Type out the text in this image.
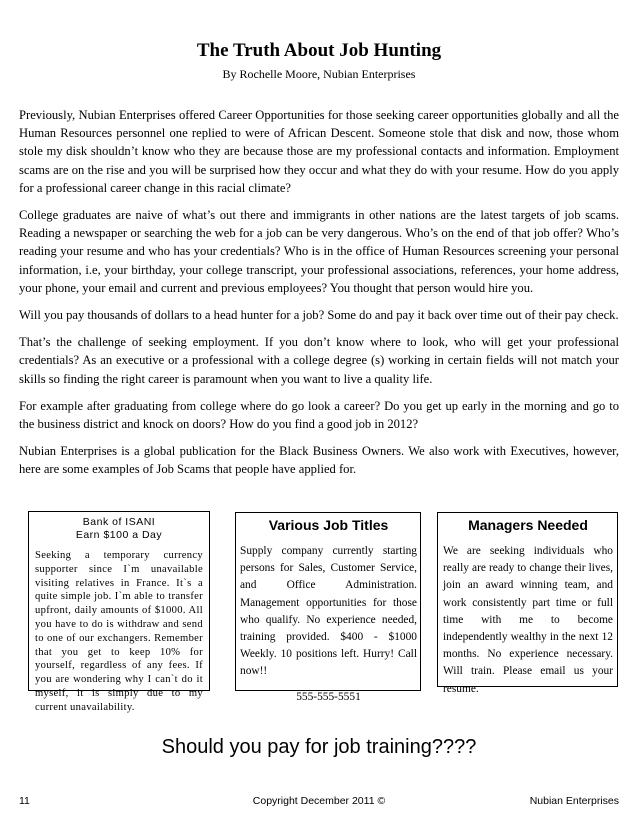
The Truth About Job Hunting
By Rochelle Moore, Nubian Enterprises

Previously, Nubian Enterprises offered Career Opportunities for those seeking career opportunities globally and all the Human Resources personnel one replied to were of African Descent. Someone stole that disk and now, those whom stole my disk shouldn’t know who they are because those are my professional contacts and information. Employment scams are on the rise and you will be surprised how they occur and what they do with your resume. How do you apply for a professional career change in this racial climate?

College graduates are naive of what’s out there and immigrants in other nations are the latest targets of job scams. Reading a newspaper or searching the web for a job can be very dangerous. Who’s on the end of that job offer? Who’s reading your resume and who has your credentials? Who is in the office of Human Resources screening your personal information, i.e, your birthday, your college transcript, your professional associations, references, your home address, your phone, your email and current and previous employees? You thought that person would hire you.

Will you pay thousands of dollars to a head hunter for a job? Some do and pay it back over time out of their pay check.

That’s the challenge of seeking employment. If you don’t know where to look, who will get your professional credentials? As an executive or a professional with a college degree (s) working in certain fields will not match your skills so finding the right career is paramount when you want to live a quality life.

For example after graduating from college where do go look a career? Do you get up early in the morning and go to the business district and knock on doors? How do you find a good job in 2012?

Nubian Enterprises is a global publication for the Black Business Owners. We also work with Executives, however, here are some examples of Job Scams that people have applied for.

Bank of ISANI
Earn $100 a Day
Seeking a temporary currency supporter since I`m unavailable visiting relatives in France. It`s a quite simple job. I`m able to transfer upfront, daily amounts of $1000. All you have to do is withdraw and send to one of our exchangers. Remember that you get to keep 10% for yourself, regardless of any fees. If you are wondering why I can`t do it myself, it is simply due to my current unavailability.
Various Job Titles
Supply company currently starting persons for Sales, Customer Service, and Office Administration. Management opportunities for those who qualify. No experience needed, training provided. $400 - $1000 Weekly. 10 positions left. Hurry! Call now!!
555-555-5551
Managers Needed
We are seeking individuals who really are ready to change their lives, join an award winning team, and work consistently part time or full time with me to become independently wealthy in the next 12 months. No experience necessary. Will train. Please email us your resume.
Should you pay for job training????
Copyright December 2011 ©
11	Nubian Enterprises
